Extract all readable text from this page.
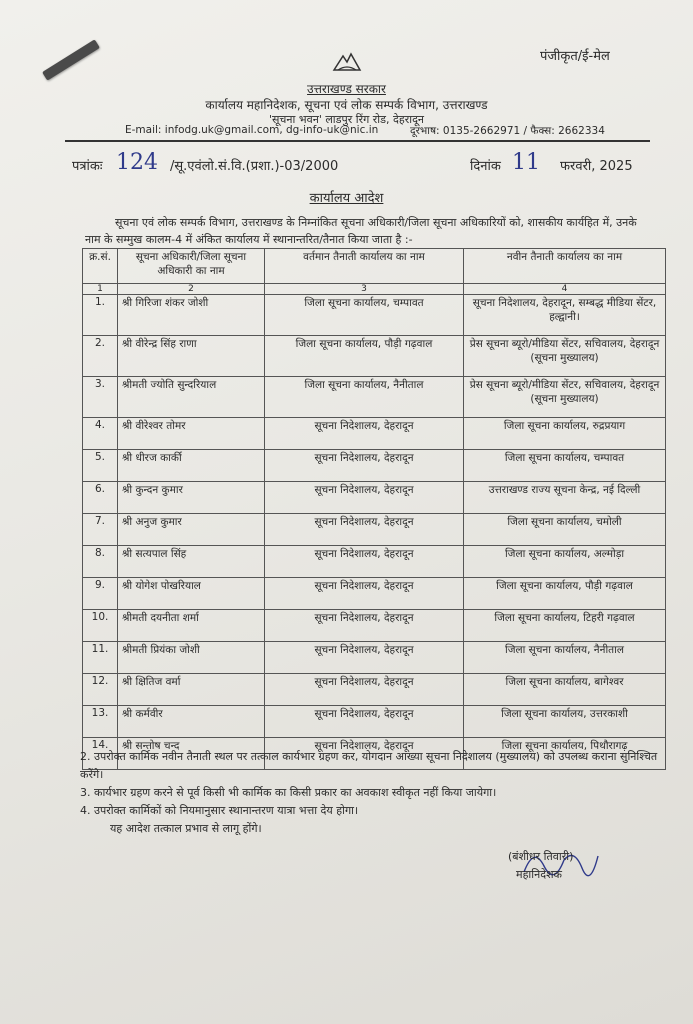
पंजीकृत/ई-मेल
उत्तराखण्ड सरकार
कार्यालय महानिदेशक, सूचना एवं लोक सम्पर्क विभाग, उत्तराखण्ड
'सूचना भवन' लाडपुर रिंग रोड, देहरादून
E-mail: infodg.uk@gmail.com, dg-info-uk@nic.in	दूरभाष: 0135-2662971 / फैक्स: 2662334
पत्रांकः 124 /सू.एवंलो.सं.वि.(प्रशा.)-03/2000	दिनांक 11 फरवरी, 2025
कार्यालय आदेश
सूचना एवं लोक सम्पर्क विभाग, उत्तराखण्ड के निम्नांकित सूचना अधिकारी/जिला सूचना अधिकारियों को, शासकीय कार्यहित में, उनके नाम के सम्मुख कालम-4 में अंकित कार्यालय में स्थानान्तरित/तैनात किया जाता है :-
क्र.सं.	सूचना अधिकारी/जिला सूचना अधिकारी का नाम	वर्तमान तैनाती कार्यालय का नाम	नवीन तैनाती कार्यालय का नाम
1	2	3	4
1.	श्री गिरिजा शंकर जोशी	जिला सूचना कार्यालय, चम्पावत	सूचना निदेशालय, देहरादून, सम्बद्ध मीडिया सेंटर, हल्द्वानी।
2.	श्री वीरेन्द्र सिंह राणा	जिला सूचना कार्यालय, पौड़ी गढ़वाल	प्रेस सूचना ब्यूरो/मीडिया सेंटर, सचिवालय, देहरादून (सूचना मुख्यालय)
3.	श्रीमती ज्योति सुन्दरियाल	जिला सूचना कार्यालय, नैनीताल	प्रेस सूचना ब्यूरो/मीडिया सेंटर, सचिवालय, देहरादून (सूचना मुख्यालय)
4.	श्री वीरेश्वर तोमर	सूचना निदेशालय, देहरादून	जिला सूचना कार्यालय, रुद्रप्रयाग
5.	श्री धीरज कार्की	सूचना निदेशालय, देहरादून	जिला सूचना कार्यालय, चम्पावत
6.	श्री कुन्दन कुमार	सूचना निदेशालय, देहरादून	उत्तराखण्ड राज्य सूचना केन्द्र, नई दिल्ली
7.	श्री अनुज कुमार	सूचना निदेशालय, देहरादून	जिला सूचना कार्यालय, चमोली
8.	श्री सत्यपाल सिंह	सूचना निदेशालय, देहरादून	जिला सूचना कार्यालय, अल्मोड़ा
9.	श्री योगेश पोखरियाल	सूचना निदेशालय, देहरादून	जिला सूचना कार्यालय, पौड़ी गढ़वाल
10.	श्रीमती दयनीता शर्मा	सूचना निदेशालय, देहरादून	जिला सूचना कार्यालय, टिहरी गढ़वाल
11.	श्रीमती प्रियंका जोशी	सूचना निदेशालय, देहरादून	जिला सूचना कार्यालय, नैनीताल
12.	श्री क्षितिज वर्मा	सूचना निदेशालय, देहरादून	जिला सूचना कार्यालय, बागेश्वर
13.	श्री कर्मवीर	सूचना निदेशालय, देहरादून	जिला सूचना कार्यालय, उत्तरकाशी
14.	श्री सन्तोष चन्द	सूचना निदेशालय, देहरादून	जिला सूचना कार्यालय, पिथौरागढ़
2. उपरोक्त कार्मिक नवीन तैनाती स्थल पर तत्काल कार्यभार ग्रहण कर, योगदान आख्या सूचना निदेशालय (मुख्यालय) को उपलब्ध कराना सुनिश्चित करेंगे।
3. कार्यभार ग्रहण करने से पूर्व किसी भी कार्मिक का किसी प्रकार का अवकाश स्वीकृत नहीं किया जायेगा।
4. उपरोक्त कार्मिकों को नियमानुसार स्थानान्तरण यात्रा भत्ता देय होगा।
यह आदेश तत्काल प्रभाव से लागू होंगे।
(बंशीधर तिवारी)
महानिदेशक
